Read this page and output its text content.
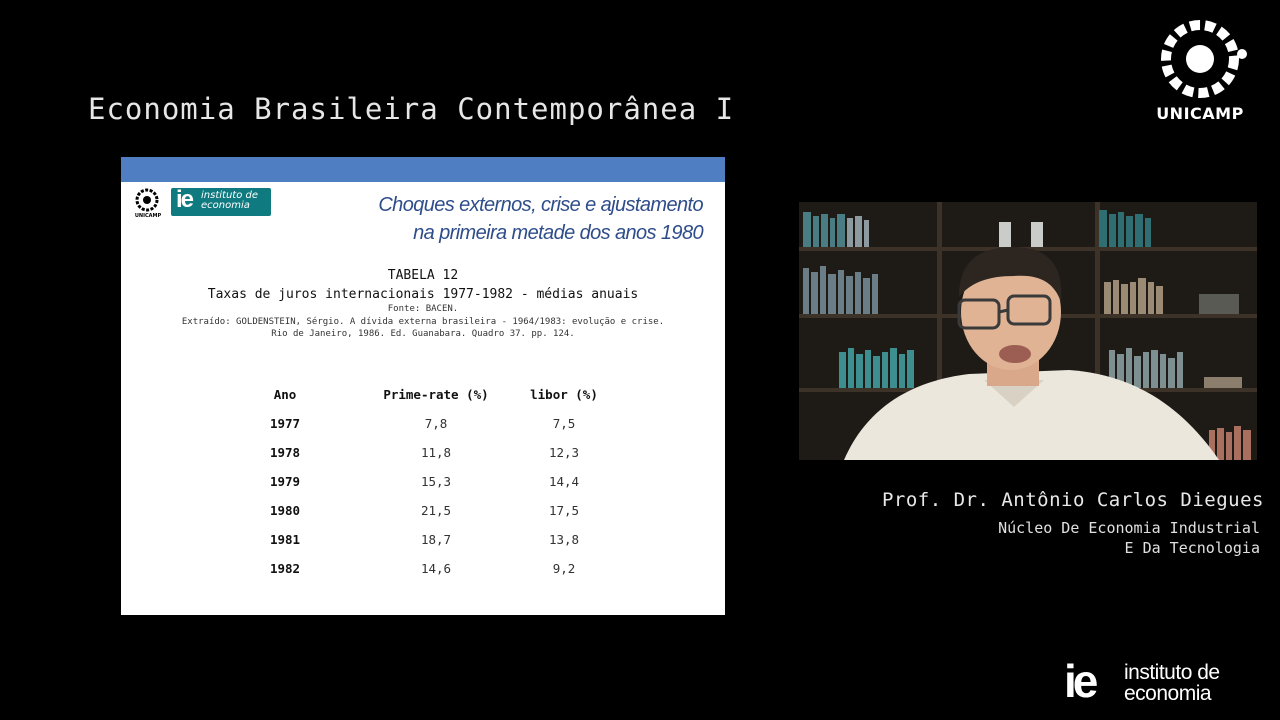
Economia Brasileira Contemporânea I	UNICAMP
UNICAMP
ie instituto de
economia	Choques externos, crise e ajustamento
na primeira metade dos anos 1980
TABELA 12
Taxas de juros internacionais 1977-1982 - médias anuais
Fonte: BACEN.
Extraído: GOLDENSTEIN, Sérgio. A dívida externa brasileira - 1964/1983: evolução e crise.
Rio de Janeiro, 1986. Ed. Guanabara. Quadro 37. pp. 124.
Ano	Prime-rate (%)	libor (%)
1977	7,8	7,5
1978	11,8	12,3
1979	15,3	14,4
1980	21,5	17,5
1981	18,7	13,8
1982	14,6	9,2
Prof. Dr. Antônio Carlos Diegues
Núcleo De Economia Industrial
E Da Tecnologia
ie instituto de
economia
